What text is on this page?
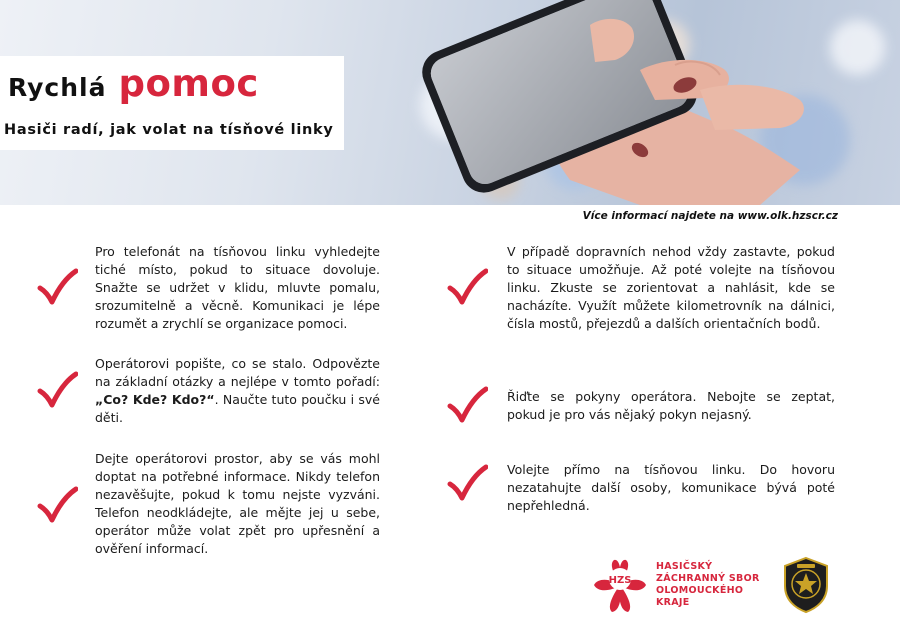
Rychlá pomoc
Hasiči radí, jak volat na tísňové linky
Více informací najdete na www.olk.hzscr.cz

Pro telefonát na tísňovou linku vyhledejte tiché místo, pokud to situace dovoluje. Snažte se udržet v klidu, mluvte pomalu, srozumitelně a věcně. Komunikaci je lépe rozumět a zrychlí se organizace pomoci.

Operátorovi popište, co se stalo. Odpovězte na základní otázky a nejlépe v tomto pořadí: „Co? Kde? Kdo?“. Naučte tuto poučku i své děti.

Dejte operátorovi prostor, aby se vás mohl doptat na potřebné informace. Nikdy telefon nezavěšujte, pokud k tomu nejste vyzváni. Telefon neodkládejte, ale mějte jej u sebe, operátor může volat zpět pro upřesnění a ověření informací.

V případě dopravních nehod vždy zastavte, pokud to situace umožňuje. Až poté volejte na tísňovou linku. Zkuste se zorientovat a nahlásit, kde se nacházíte. Využít můžete kilometrovník na dálnici, čísla mostů, přejezdů a dalších orientačních bodů.

Řiďte se pokyny operátora. Nebojte se zeptat, pokud je pro vás nějaký pokyn nejasný.

Volejte přímo na tísňovou linku. Do hovoru nezatahujte další osoby, komunikace bývá poté nepřehledná.

HZS
HASIČSKÝ
ZÁCHRANNÝ SBOR
OLOMOUCKÉHO
KRAJE
